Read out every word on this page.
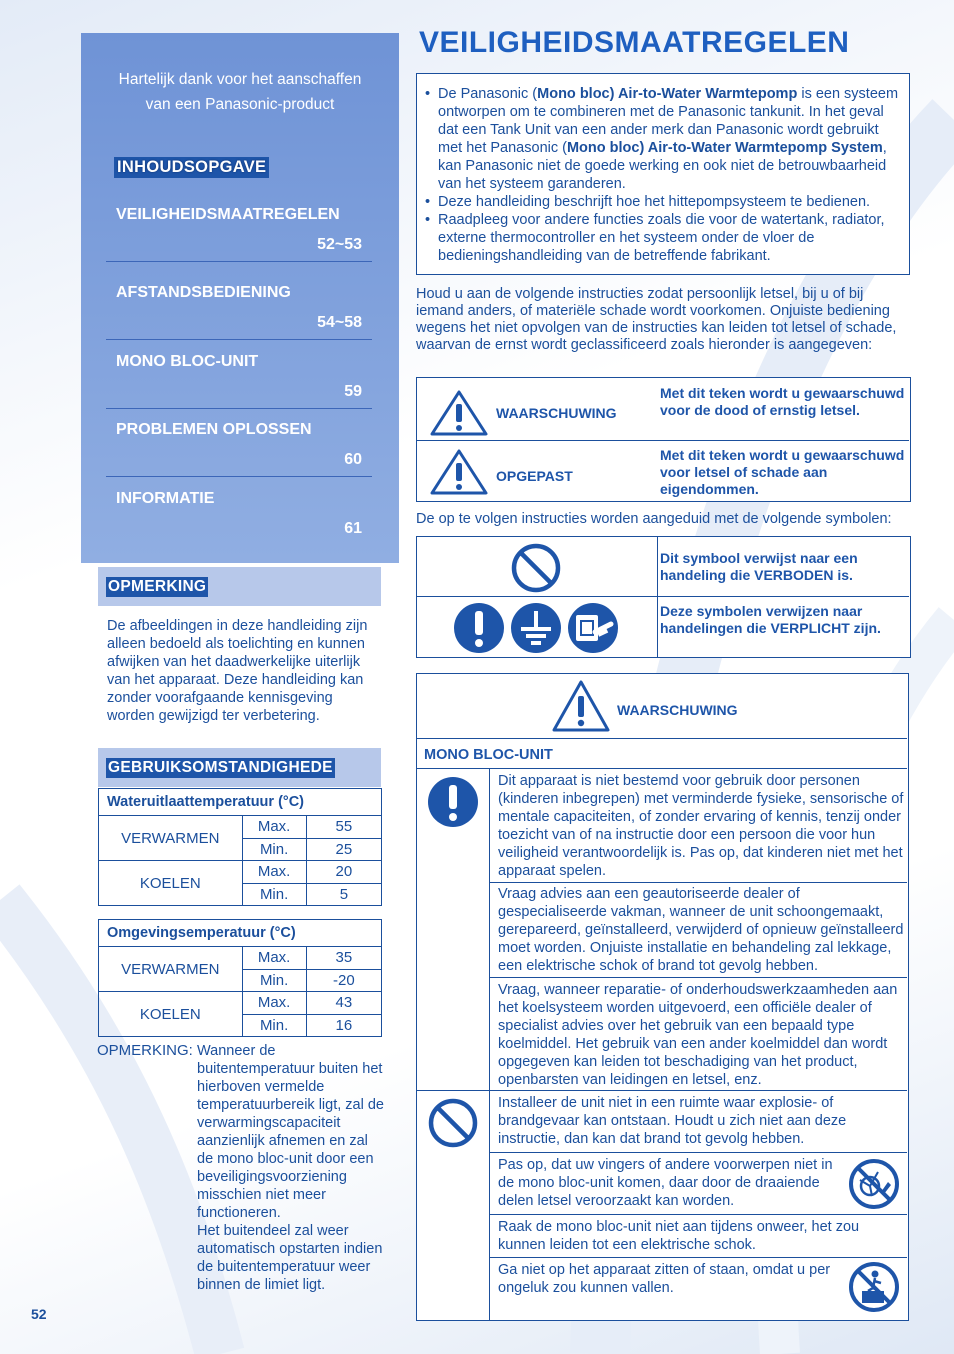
Hartelijk dank voor het aanschaffen
van een Panasonic-product
INHOUDSOPGAVE
VEILIGHEIDSMAATREGELEN
52~53
AFSTANDSBEDIENING
54~58
MONO BLOC-UNIT
59
PROBLEMEN OPLOSSEN
60
INFORMATIE
61
OPMERKING
De afbeeldingen in deze handleiding zijn alleen bedoeld als toelichting en kunnen afwijken van het daadwerkelijke uiterlijk van het apparaat. Deze handleiding kan zonder voorafgaande kennisgeving worden gewijzigd ter verbetering.
GEBRUIKSOMSTANDIGHEDE
Wateruitlaattemperatuur (°C)		
VERWARMEN	Max.	55
	Min.	25
KOELEN	Max.	20
	Min.	5
Omgevingsemperatuur (°C)		
VERWARMEN	Max.	35
	Min.	-20
KOELEN	Max.	43
	Min.	16
OPMERKING: Wanneer de buitentemperatuur buiten het hierboven vermelde temperatuurbereik ligt, zal de verwarmingscapaciteit aanzienlijk afnemen en zal de mono bloc-unit door een beveiligingsvoorziening misschien niet meer functioneren.
Het buitendeel zal weer automatisch opstarten indien de buitentemperatuur weer binnen de limiet ligt.
52
VEILIGHEIDSMAATREGELEN
• De Panasonic (Mono bloc) Air-to-Water Warmtepomp is een systeem ontworpen om te combineren met de Panasonic tankunit. In het geval dat een Tank Unit van een ander merk dan Panasonic wordt gebruikt met het Panasonic (Mono bloc) Air-to-Water Warmtepomp System, kan Panasonic niet de goede werking en ook niet de betrouwbaarheid van het systeem garanderen.
• Deze handleiding beschrijft hoe het hittepompsysteem te bedienen.
• Raadpleeg voor andere functies zoals die voor de watertank, radiator, externe thermocontroller en het systeem onder de vloer de bedieningshandleiding van de betreffende fabrikant.
Houd u aan de volgende instructies zodat persoonlijk letsel, bij u of bij iemand anders, of materiële schade wordt voorkomen. Onjuiste bediening wegens het niet opvolgen van de instructies kan leiden tot letsel of schade, waarvan de ernst wordt geclassificeerd zoals hieronder is aangegeven:
WAARSCHUWING
Met dit teken wordt u gewaarschuwd voor de dood of ernstig letsel.
OPGEPAST
Met dit teken wordt u gewaarschuwd voor letsel of schade aan eigendommen.
De op te volgen instructies worden aangeduid met de volgende symbolen:
Dit symbool verwijst naar een handeling die VERBODEN is.
Deze symbolen verwijzen naar handelingen die VERPLICHT zijn.
WAARSCHUWING
MONO BLOC-UNIT
Dit apparaat is niet bestemd voor gebruik door personen (kinderen inbegrepen) met verminderde fysieke, sensorische of mentale capaciteiten, of zonder ervaring of kennis, tenzij onder toezicht van of na instructie door een persoon die voor hun veiligheid verantwoordelijk is. Pas op, dat kinderen niet met het apparaat spelen.
Vraag advies aan een geautoriseerde dealer of gespecialiseerde vakman, wanneer de unit schoongemaakt, gerepareerd, geïnstalleerd, verwijderd of opnieuw geïnstalleerd moet worden. Onjuiste installatie en behandeling zal lekkage, een elektrische schok of brand tot gevolg hebben.
Vraag, wanneer reparatie- of onderhoudswerkzaamheden aan het koelsysteem worden uitgevoerd, een officiële dealer of specialist advies over het gebruik van een bepaald type koelmiddel. Het gebruik van een ander koelmiddel dan wordt opgegeven kan leiden tot beschadiging van het product, openbarsten van leidingen en letsel, enz.
Installeer de unit niet in een ruimte waar explosie- of brandgevaar kan ontstaan. Houdt u zich niet aan deze instructie, dan kan dat brand tot gevolg hebben.
Pas op, dat uw vingers of andere voorwerpen niet in de mono bloc-unit komen, daar door de draaiende delen letsel veroorzaakt kan worden.
Raak de mono bloc-unit niet aan tijdens onweer, het zou kunnen leiden tot een elektrische schok.
Ga niet op het apparaat zitten of staan, omdat u per ongeluk zou kunnen vallen.
